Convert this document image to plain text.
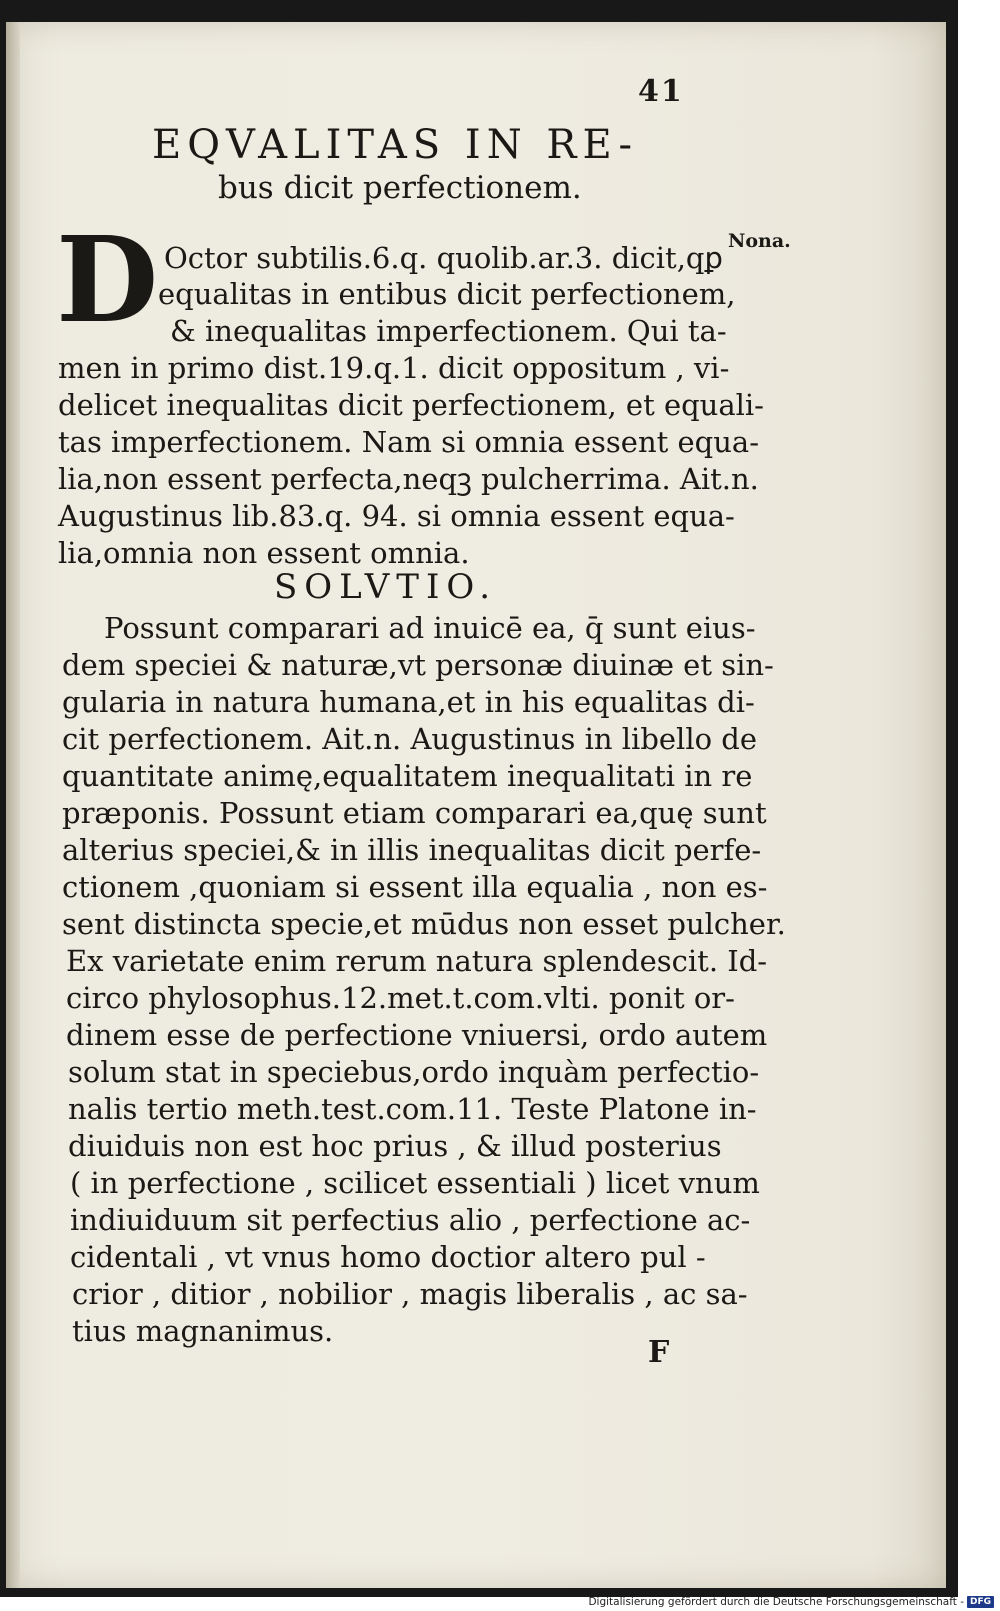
41
EQVALITAS IN RE-
bus dicit perfectionem.
D	Nona.
Octor subtilis.6.q. quolib.ar.3. dicit,qꝑ
equalitas in entibus dicit perfectionem,
& inequalitas imperfectionem. Qui ta-
men in primo dist.19.q.1. dicit oppositum , vi-
delicet inequalitas dicit perfectionem, et equali-
tas imperfectionem. Nam si omnia essent equa-
lia,non essent perfecta,neqꝫ pulcherrima. Ait.n.
Augustinus lib.83.q. 94. si omnia essent equa-
lia,omnia non essent omnia.
SOLVTIO.
Possunt comparari ad inuicē ea, q̄ sunt eius-
dem speciei & naturæ,vt personæ diuinæ et sin-
gularia in natura humana,et in his equalitas di-
cit perfectionem. Ait.n. Augustinus in libello de
quantitate animę,equalitatem inequalitati in re
præponis. Possunt etiam comparari ea,quę sunt
alterius speciei,& in illis inequalitas dicit perfe-
ctionem ,quoniam si essent illa equalia , non es-
sent distincta specie,et mūdus non esset pulcher.
Ex varietate enim rerum natura splendescit. Id-
circo phylosophus.12.met.t.com.vlti. ponit or-
dinem esse de perfectione vniuersi, ordo autem
solum stat in speciebus,ordo inquàm perfectio-
nalis tertio meth.test.com.11. Teste Platone in-
diuiduis non est hoc prius , & illud posterius
( in perfectione , scilicet essentiali ) licet vnum
indiuiduum sit perfectius alio , perfectione ac-
cidentali , vt vnus homo doctior altero pul -
crior , ditior , nobilior , magis liberalis , ac sa-
tius magnanimus.
F
Digitalisierung gefördert durch die Deutsche Forschungsgemeinschaft - DFG
